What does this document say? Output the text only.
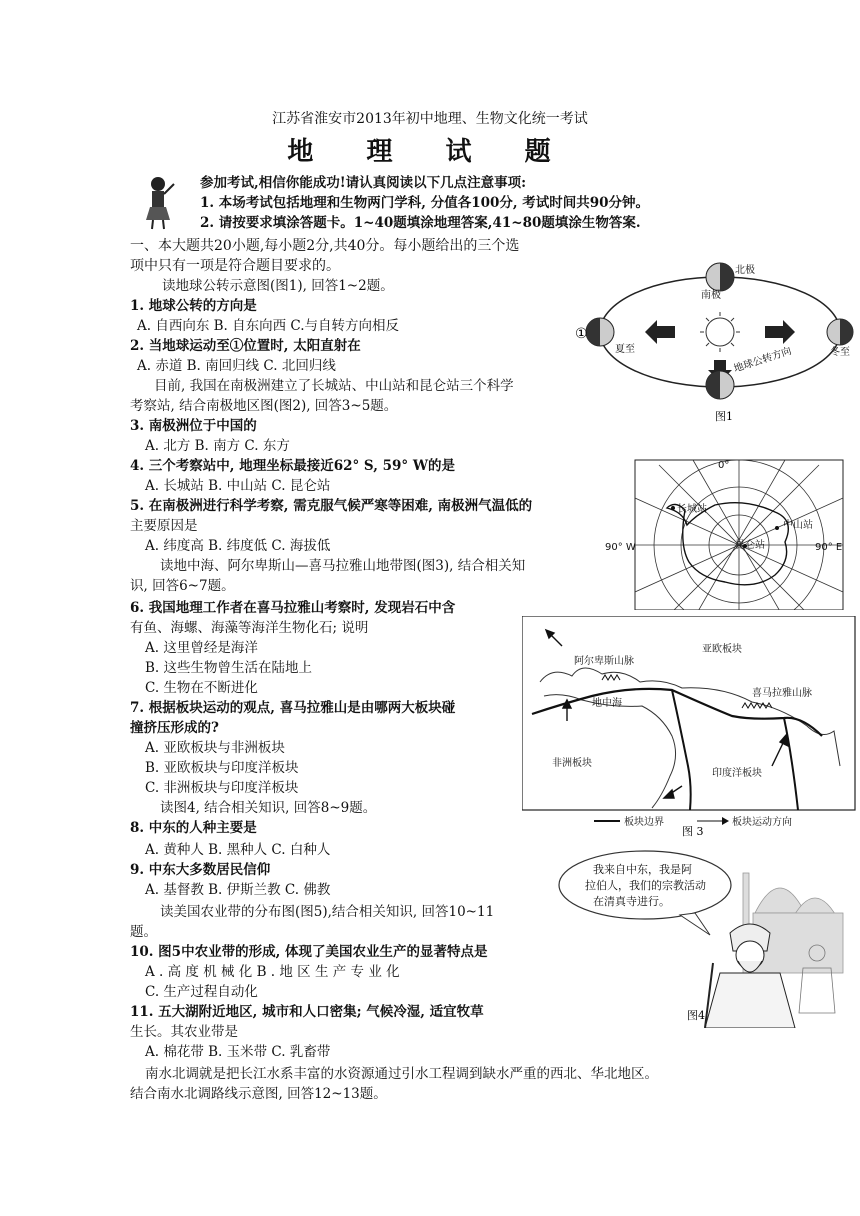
江苏省淮安市2013年初中地理、生物文化统一考试
地 理 试 题
参加考试,相信你能成功!请认真阅读以下几点注意事项:
1. 本场考试包括地理和生物两门学科, 分值各100分, 考试时间共90分钟。
2. 请按要求填涂答题卡。1~40题填涂地理答案,41~80题填涂生物答案.
一、本大题共20小题,每小题2分,共40分。每小题给出的三个选
项中只有一项是符合题目要求的。
读地球公转示意图(图1), 回答1~2题。
1. 地球公转的方向是
A. 自西向东 B. 自东向西 C.与自转方向相反
2. 当地球运动至①位置时, 太阳直射在
A. 赤道 B. 南回归线 C. 北回归线
目前, 我国在南极洲建立了长城站、中山站和昆仑站三个科学
考察站, 结合南极地区图(图2), 回答3~5题。
3. 南极洲位于中国的
A. 北方 B. 南方 C. 东方
4. 三个考察站中, 地理坐标最接近62° S, 59° W的是
A. 长城站 B. 中山站 C. 昆仑站
5. 在南极洲进行科学考察, 需克服气候严寒等困难, 南极洲气温低的
主要原因是
A. 纬度高 B. 纬度低 C. 海拔低
读地中海、阿尔卑斯山—喜马拉雅山地带图(图3), 结合相关知
识, 回答6~7题。
6. 我国地理工作者在喜马拉雅山考察时, 发现岩石中含
有鱼、海螺、海藻等海洋生物化石; 说明
A. 这里曾经是海洋
B. 这些生物曾生活在陆地上
C. 生物在不断进化
7. 根据板块运动的观点, 喜马拉雅山是由哪两大板块碰
撞挤压形成的?
A. 亚欧板块与非洲板块
B. 亚欧板块与印度洋板块
C. 非洲板块与印度洋板块
读图4, 结合相关知识, 回答8~9题。
8. 中东的人种主要是
A. 黄种人 B. 黑种人 C. 白种人
9. 中东大多数居民信仰
A. 基督教 B. 伊斯兰教 C. 佛教
读美国农业带的分布图(图5),结合相关知识, 回答10~11
题。
10. 图5中农业带的形成, 体现了美国农业生产的显著特点是
A . 高 度 机 械 化 B . 地 区 生 产 专 业 化
C. 生产过程自动化
11. 五大湖附近地区, 城市和人口密集; 气候冷湿, 适宜牧草
生长。其农业带是
A. 棉花带 B. 玉米带 C. 乳畜带
南水北调就是把长江水系丰富的水资源通过引水工程调到缺水严重的西北、华北地区。
结合南水北调路线示意图, 回答12~13题。
①
北极
南极
夏至	冬至
地球公转方向
图1
0°
90° W	90° E
长城站
中山站
昆仑站
亚欧板块
非洲板块
印度洋板块
阿尔卑斯山脉
喜马拉雅山脉
地中海
板块边界	板块运动方向
图 3
我来自中东，我是阿
拉伯人，我们的宗教活动
在清真寺进行。
图4
